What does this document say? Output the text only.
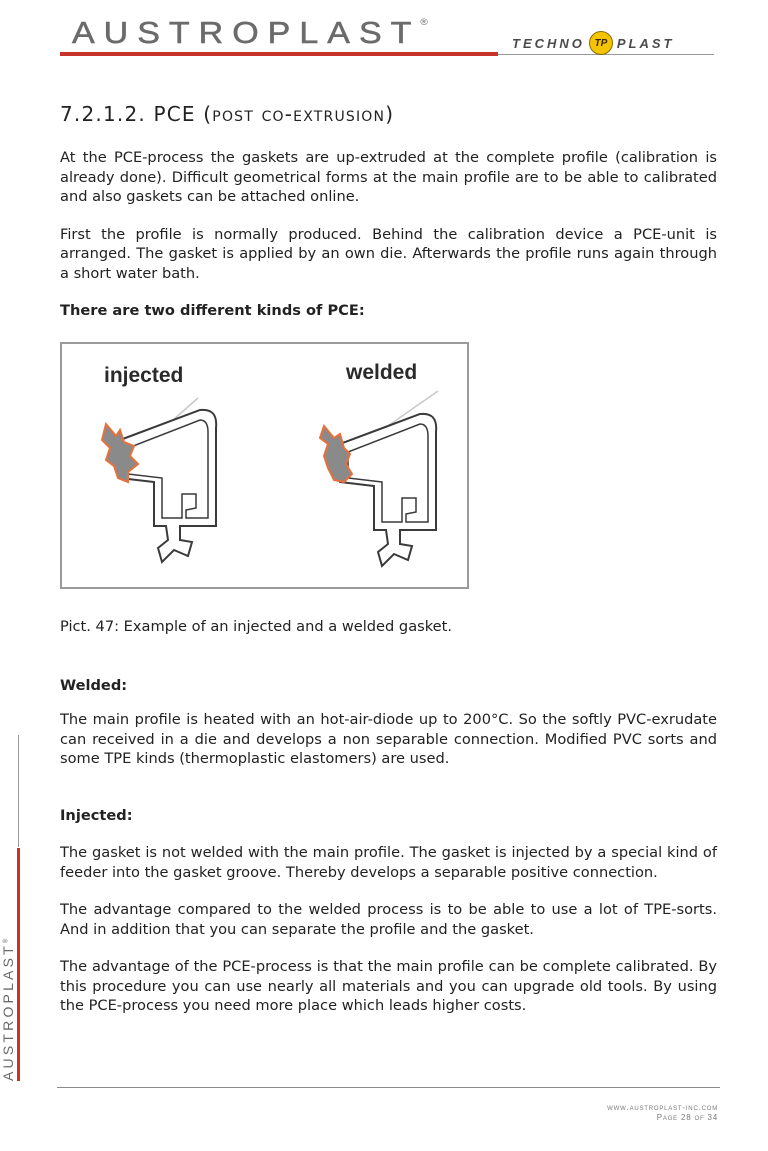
AUSTROPLAST®
TECHNO TP PLAST
AUSTROPLAST®
7.2.1.2. PCE (post co-extrusion)

At the PCE-process the gaskets are up-extruded at the complete profile (calibration is already done). Difficult geometrical forms at the main profile are to be able to calibrated and also gaskets can be attached online.

First the profile is normally produced. Behind the calibration device a PCE-unit is arranged. The gasket is applied by an own die. Afterwards the profile runs again through a short water bath.

There are two different kinds of PCE:

injected	welded

Pict. 47: Example of an injected and a welded gasket.

Welded:

The main profile is heated with an hot-air-diode up to 200°C. So the softly PVC-exrudate can received in a die and develops a non separable connection. Modified PVC sorts and some TPE kinds (thermoplastic elastomers) are used.

Injected:

The gasket is not welded with the main profile. The gasket is injected by a special kind of feeder into the gasket groove. Thereby develops a separable positive connection.

The advantage compared to the welded process is to be able to use a lot of TPE-sorts. And in addition that you can separate the profile and the gasket.

The advantage of the PCE-process is that the main profile can be complete calibrated. By this procedure you can use nearly all materials and you can upgrade old tools. By using the PCE-process you need more place which leads higher costs.

www.austroplast-inc.com
Page 28 of 34
